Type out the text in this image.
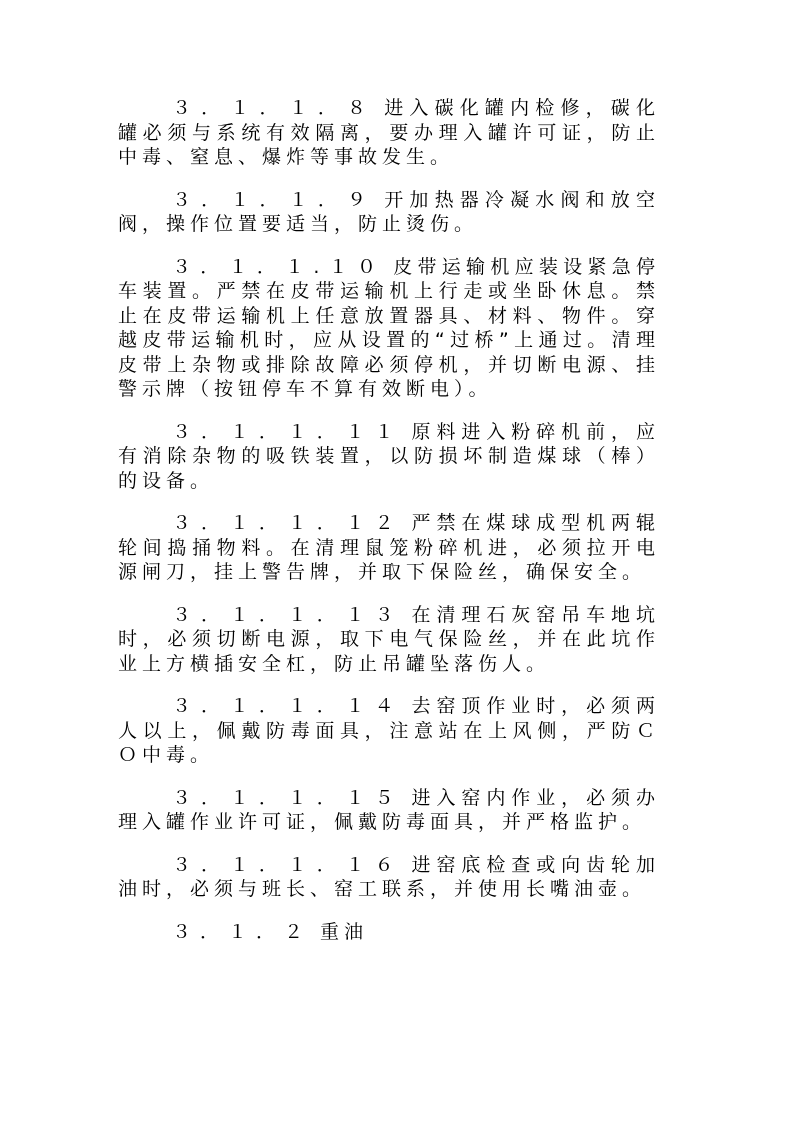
３．１．１．８ 进入碳化罐内检修，碳化罐必须与系统有效隔离，要办理入罐许可证，防止中毒、窒息、爆炸等事故发生。

３．１．１．９ 开加热器冷凝水阀和放空阀，操作位置要适当，防止烫伤。

３．１．１.１０ 皮带运输机应装设紧急停车装置。严禁在皮带运输机上行走或坐卧休息。禁止在皮带运输机上任意放置器具、材料、物件。穿越皮带运输机时，应从设置的“过桥”上通过。清理皮带上杂物或排除故障必须停机，并切断电源、挂警示牌（按钮停车不算有效断电）。

３．１．１．１１ 原料进入粉碎机前，应有消除杂物的吸铁装置，以防损坏制造煤球（棒）的设备。

３．１．１．１２ 严禁在煤球成型机两辊轮间捣捅物料。在清理鼠笼粉碎机进，必须拉开电源闸刀，挂上警告牌，并取下保险丝，确保安全。

３．１．１．１３ 在清理石灰窑吊车地坑时，必须切断电源，取下电气保险丝，并在此坑作业上方横插安全杠，防止吊罐坠落伤人。

３．１．１．１４ 去窑顶作业时，必须两人以上，佩戴防毒面具，注意站在上风侧，严防ＣＯ中毒。

３．１．１．１５ 进入窑内作业，必须办理入罐作业许可证，佩戴防毒面具，并严格监护。

３．１．１．１６ 进窑底检查或向齿轮加油时，必须与班长、窑工联系，并使用长嘴油壶。

３．１．２ 重油
